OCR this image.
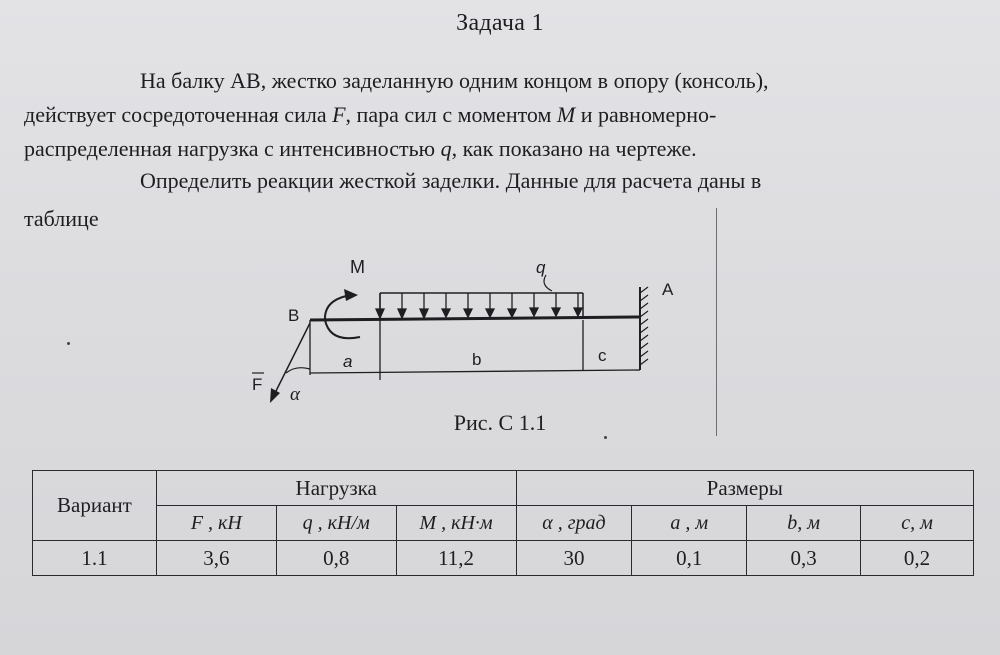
Задача 1
На балку АВ, жестко заделанную одним концом в опору (консоль),
действует сосредоточенная сила F, пара сил с моментом M и равномерно-
распределенная нагрузка с интенсивностью q, как показано на чертеже.
Определить реакции жесткой заделки. Данные для расчета даны в
таблице
M	q
A
B
a	b	c
F α
Рис. С 1.1
Вариант	Нагрузка			Размеры			
	F , кН	q , кН/м	M , кН·м	α , град	a , м	b, м	c, м
1.1	3,6	0,8	11,2	30	0,1	0,3	0,2
